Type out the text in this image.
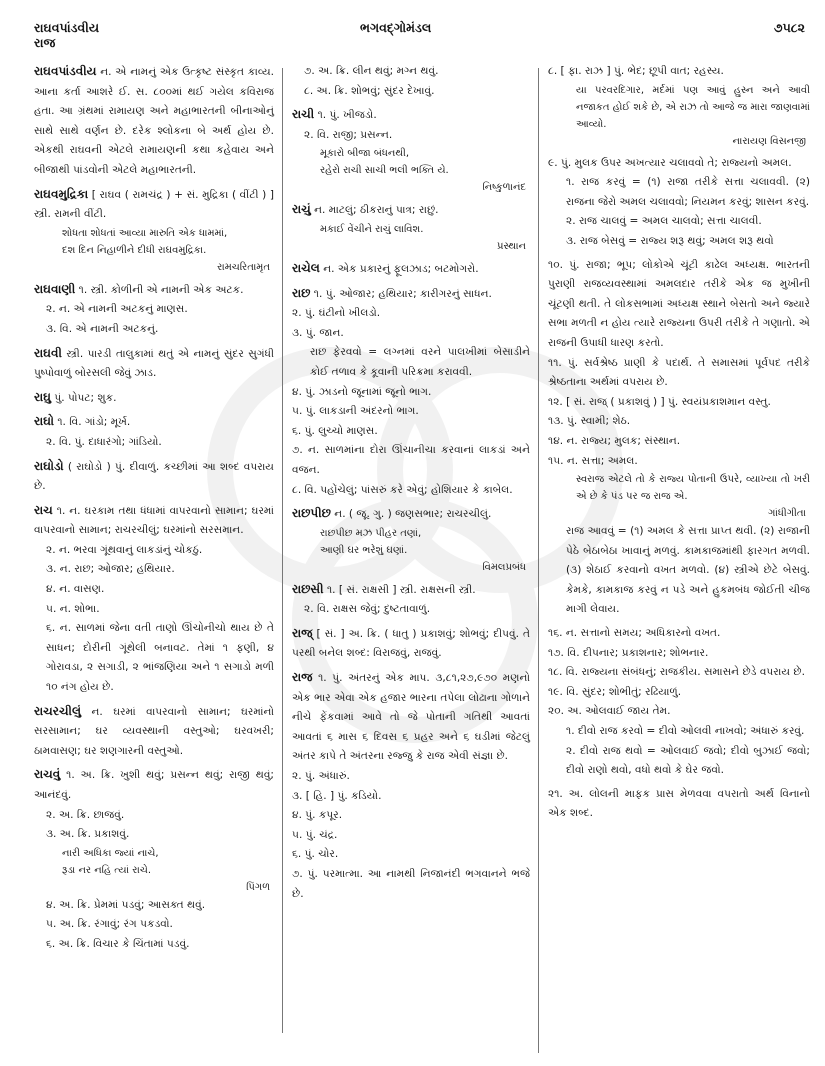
રાઘવપાંડવીય
રાજ
ભગવદ્ગોમંડલ	૭૫૮૨
રાઘવપાંડવીય ન. એ નામનું એક ઉત્કૃષ્ટ સંસ્કૃત કાવ્ય. આના કર્તા આશરે ઈ. સ. ૮૦૦માં થઈ ગયેલ કવિરાજ હતા. આ ગ્રંથમાં રામાયણ અને મહાભારતની બીનાઓનું સાથે સાથે વર્ણન છે. દરેક શ્લોકના બે અર્થ હોય છે. એકથી રાઘવની એટલે રામાયણની કથા કહેવાય અને બીજાથી પાંડવોની એટલે મહાભારતની.
રાઘવમુદ્રિકા [ રાઘવ ( રામચંદ્ર ) + સં. મુદ્રિકા ( વીંટી ) ] સ્ત્રી. રામની વીંટી.
શોધતા શોધતાં આવ્યા મારુતિ એક ધામમાં,
દશ દિન નિહાળીને દીધી રાઘવમુદ્રિકા.
રામચરિતામૃત
રાઘવાણી ૧. સ્ત્રી. કોળીની એ નામની એક અટક.
૨. ન. એ નામની અટકનું માણસ.
૩. વિ. એ નામની અટકનું.
રાઘવી સ્ત્રી. પારડી તાલુકામાં થતું એ નામનું સુંદર સુગંધી પુષ્પોવાળું બોરસલી જેવું ઝાડ.
રાઘુ પું. પોપટ; શુક.
રાઘો ૧. વિ. ગાંડો; મૂર્ખ.
૨. વિ. પું. દાધારંગો; ગાંડિયો.
રાઘોડો ( રાઘોડો ) પું. દીવાળું. કચ્છીમાં આ શબ્દ વપરાય છે.
રાચ ૧. ન. ઘરકામ તથા ધંધામાં વાપરવાનો સામાન; ઘરમાં વાપરવાનો સામાન; રાચરચીલું; ઘરમાંનો સરસમાન.
૨. ન. ભરવા ગૂંથવાનું લાકડાંનું ચોકઠું.
૩. ન. રાછ; ઓજાર; હથિયાર.
૪. ન. વાસણ.
૫. ન. શોભા.
૬. ન. સાળમાં જેના વતી તાણો ઊંચોનીચો થાય છે તે સાધન; દોરીની ગૂંથેલી બનાવટ. તેમાં ૧ ફણી, ૪ ગોરાવડા, ૨ સગાડી, ૨ ભાંજણિયા અને ૧ સગાડો મળી ૧૦ નંગ હોય છે.
રાચરચીલું ન. ઘરમાં વાપરવાનો સામાન; ઘરમાંનો સરસામાન; ઘર વ્યવસ્થાની વસ્તુઓ; ઘરવખરી; ઠામવાસણ; ઘર શણગારની વસ્તુઓ.
રાચવું ૧. અ. ક્રિ. ખુશી થવું; પ્રસન્ન થવું; રાજી થવું; આનંદવું.
૨. અ. ક્રિ. છાજવું.
૩. અ. ક્રિ. પ્રકાશવું.
નારી અધિકા જ્યાં નાચે,
રૂડા નર નહિ ત્યાં રાચે.
પિંગળ
૪. અ. ક્રિ. પ્રેમમાં પડવું; આસક્ત થવું.
૫. અ. ક્રિ. રંગાવું; રંગ પકડવો.
૬. અ. ક્રિ. વિચાર કે ચિંતામાં પડવું.
૭. અ. ક્રિ. લીન થવું; મગ્ન થવું.
૮. અ. ક્રિ. શોભવું; સુંદર દેખાવું.
રાચી ૧. પું. ખીજડો.
૨. વિ. રાજી; પ્રસન્ન.
મૂકારો બીજા બંધનથી,
રહેરો રાચી સાચી ભલી ભક્તિ યે.
નિષ્કુળાનંદ
રાચું ન. માટલું; ઠીકરાનું પાત્ર; રાછું.
મકાઈ વેંચીને રાચું લાવિશ.
પ્રસ્થાન
રાચેલ ન. એક પ્રકારનું ફૂલઝાડ; બટમોગરો.
રાછ ૧. પું. ઓજાર; હથિયાર; કારીગરનું સાધન.
૨. પું. ઘંટીનો ખીલડો.
૩. પું. જાન.
રાછ ફેરવવો = લગ્નમાં વરને પાલખીમાં બેસાડીને કોઈ તળાવ કે કૂવાની પરિક્રમા કરાવવી.
૪. પું. ઝાડનો જૂનામાં જૂનો ભાગ.
૫. પું. લાકડાની અંદરનો ભાગ.
૬. પું. લુચ્ચો માણસ.
૭. ન. સાળમાંના દોરા ઊંચાનીચા કરવાનાં લાકડાં અને વજન.
૮. વિ. પહોંચેલું; પાંસરું કરે એવું; હોશિયાર કે કાબેલ.
રાછપીછ ન. ( જૂ. ગુ. ) જણસભાર; રાચરચીલું.
રાછપીછ મઝ પીહર તણાં,
આણી ઘર ભરેશું ઘણાં.
વિમલપ્રબંધ
રાછસી ૧. [ સં. રાક્ષસી ] સ્ત્રી. રાક્ષસની સ્ત્રી.
૨. વિ. રાક્ષસ જેવું; દુષ્ટતાવાળું.
રાજ્ [ સં. ] અ. ક્રિ. ( ધાતુ ) પ્રકાશવું; શોભવું; દીપવું. તે પરથી બનેલ શબ્દ: વિરાજવું, રાજવું.
રાજ ૧. પું. અંતરનું એક માપ. ૩,૮૧,૨૭,૯૭૦ મણનો એક ભાર એવા એક હજાર ભારના તપેલા લોઢાના ગોળાને નીચે ફેંકવામાં આવે તો જે પોતાની ગતિથી આવતાં આવતાં ૬ માસ ૬ દિવસ ૬ પ્રહર અને ૬ ઘડીમાં જેટલું અંતર કાપે તે અંતરના રજ્જુ કે રાજ એવી સંજ્ઞા છે.
૨. પું. અંધારું.
૩. [ હિ. ] પું. કડિયો.
૪. પું. કપૂર.
૫. પું. ચંદ્ર.
૬. પું. ચોર.
૭. પું. પરમાત્મા. આ નામથી નિજાનંદી ભગવાનને ભજે છે.
૮. [ ફા. રાઝ ] પું. ભેદ; છૂપી વાત; રહસ્ય.
યા પરવરદિગાર, મર્દમાં પણ આવું હુસ્ન અને આવી નજાકત હોઈ શકે છે, એ રાઝ તો આજે જ મારા જાણવામાં આવ્યો.
નારાયણ વિસનજી
૯. પું. મુલક ઉપર અખત્યાર ચલાવવો તે; રાજ્યનો અમલ.
૧. રાજ કરવું = (૧) રાજા તરીકે સત્તા ચલાવવી. (૨) રાજના જેરો અમલ ચલાવવો; નિયમન કરવું; શાસન કરવું.
૨. રાજ ચાલવું = અમલ ચાલવો; સત્તા ચાલવી.
૩. રાજ બેસવું = રાજ્ય શરૂ થવું; અમલ શરૂ થવો
૧૦. પું. રાજા; ભૂપ; લોકોએ ચૂંટી કાઢેલ અધ્યક્ષ. ભારતની પુરાણી રાજવ્યવસ્થામાં અમલદાર તરીકે એક જ મુખીની ચૂંટણી થતી. તે લોકસભામાં અધ્યક્ષ સ્થાને બેસતો અને જ્યારે સભા મળતી ન હોય ત્યારે રાજ્યના ઉપરી તરીકે તે ગણાતો. એ રાજની ઉપાધી ધારણ કરતો.
૧૧. પું. સર્વશ્રેષ્ઠ પ્રાણી કે પદાર્થ. તે સમાસમાં પૂર્વપદ તરીકે શ્રેષ્ઠતાના અર્થમાં વપરાય છે.
૧૨. [ સં. રાજ્ ( પ્રકાશવું ) ] પું. સ્વયંપ્રકાશમાન વસ્તુ.
૧૩. પું. સ્વામી; શેઠ.
૧૪. ન. રાજ્ય; મુલક; સંસ્થાન.
૧૫. ન. સત્તા; અમલ.
સ્વરાજ એટલે તો કે રાજ્ય પોતાની ઉપરે, વ્યાખ્યા તો ખરી એ છે કે પંડ પર જ રાજ એ.
ગાંધીગીતા
રાજ આવવું = (૧) અમલ કે સત્તા પ્રાપ્ત થવી. (૨) રાજાની પેઠે બેઠાબેઠા ખાવાનું મળવું. કામકાજમાંથી ફારગત મળવી. (૩) શેઠાઈ કરવાનો વખત મળવો. (૪) સ્ત્રીએ છેટે બેસવું. કેમકે, કામકાજ કરવું ન પડે અને હુકમબંધ જોઈતી ચીજ માગી લેવાય.
૧૬. ન. સત્તાનો સમય; અધિકારનો વખત.
૧૭. વિ. દીપનાર; પ્રકાશનાર; શોભનાર.
૧૮. વિ. રાજ્યના સંબંધનું; રાજકીય. સમાસને છેડે વપરાય છે.
૧૯. વિ. સુંદર; શોભીતું; રઢિયાળું.
૨૦. અ. ઓલવાઈ જાય તેમ.
૧. દીવો રાજ કરવો = દીવો ઓલવી નાખવો; અંધારું કરવું.
૨. દીવો રાજ થવો = ઓલવાઈ જવો; દીવો બુઝાઈ જવો; દીવો રાણો થવો, વધો થવો કે ઘેર જવો.
૨૧. અ. લોલની માફક પ્રાસ મેળવવા વપરાતો અર્થ વિનાનો એક શબ્દ.
